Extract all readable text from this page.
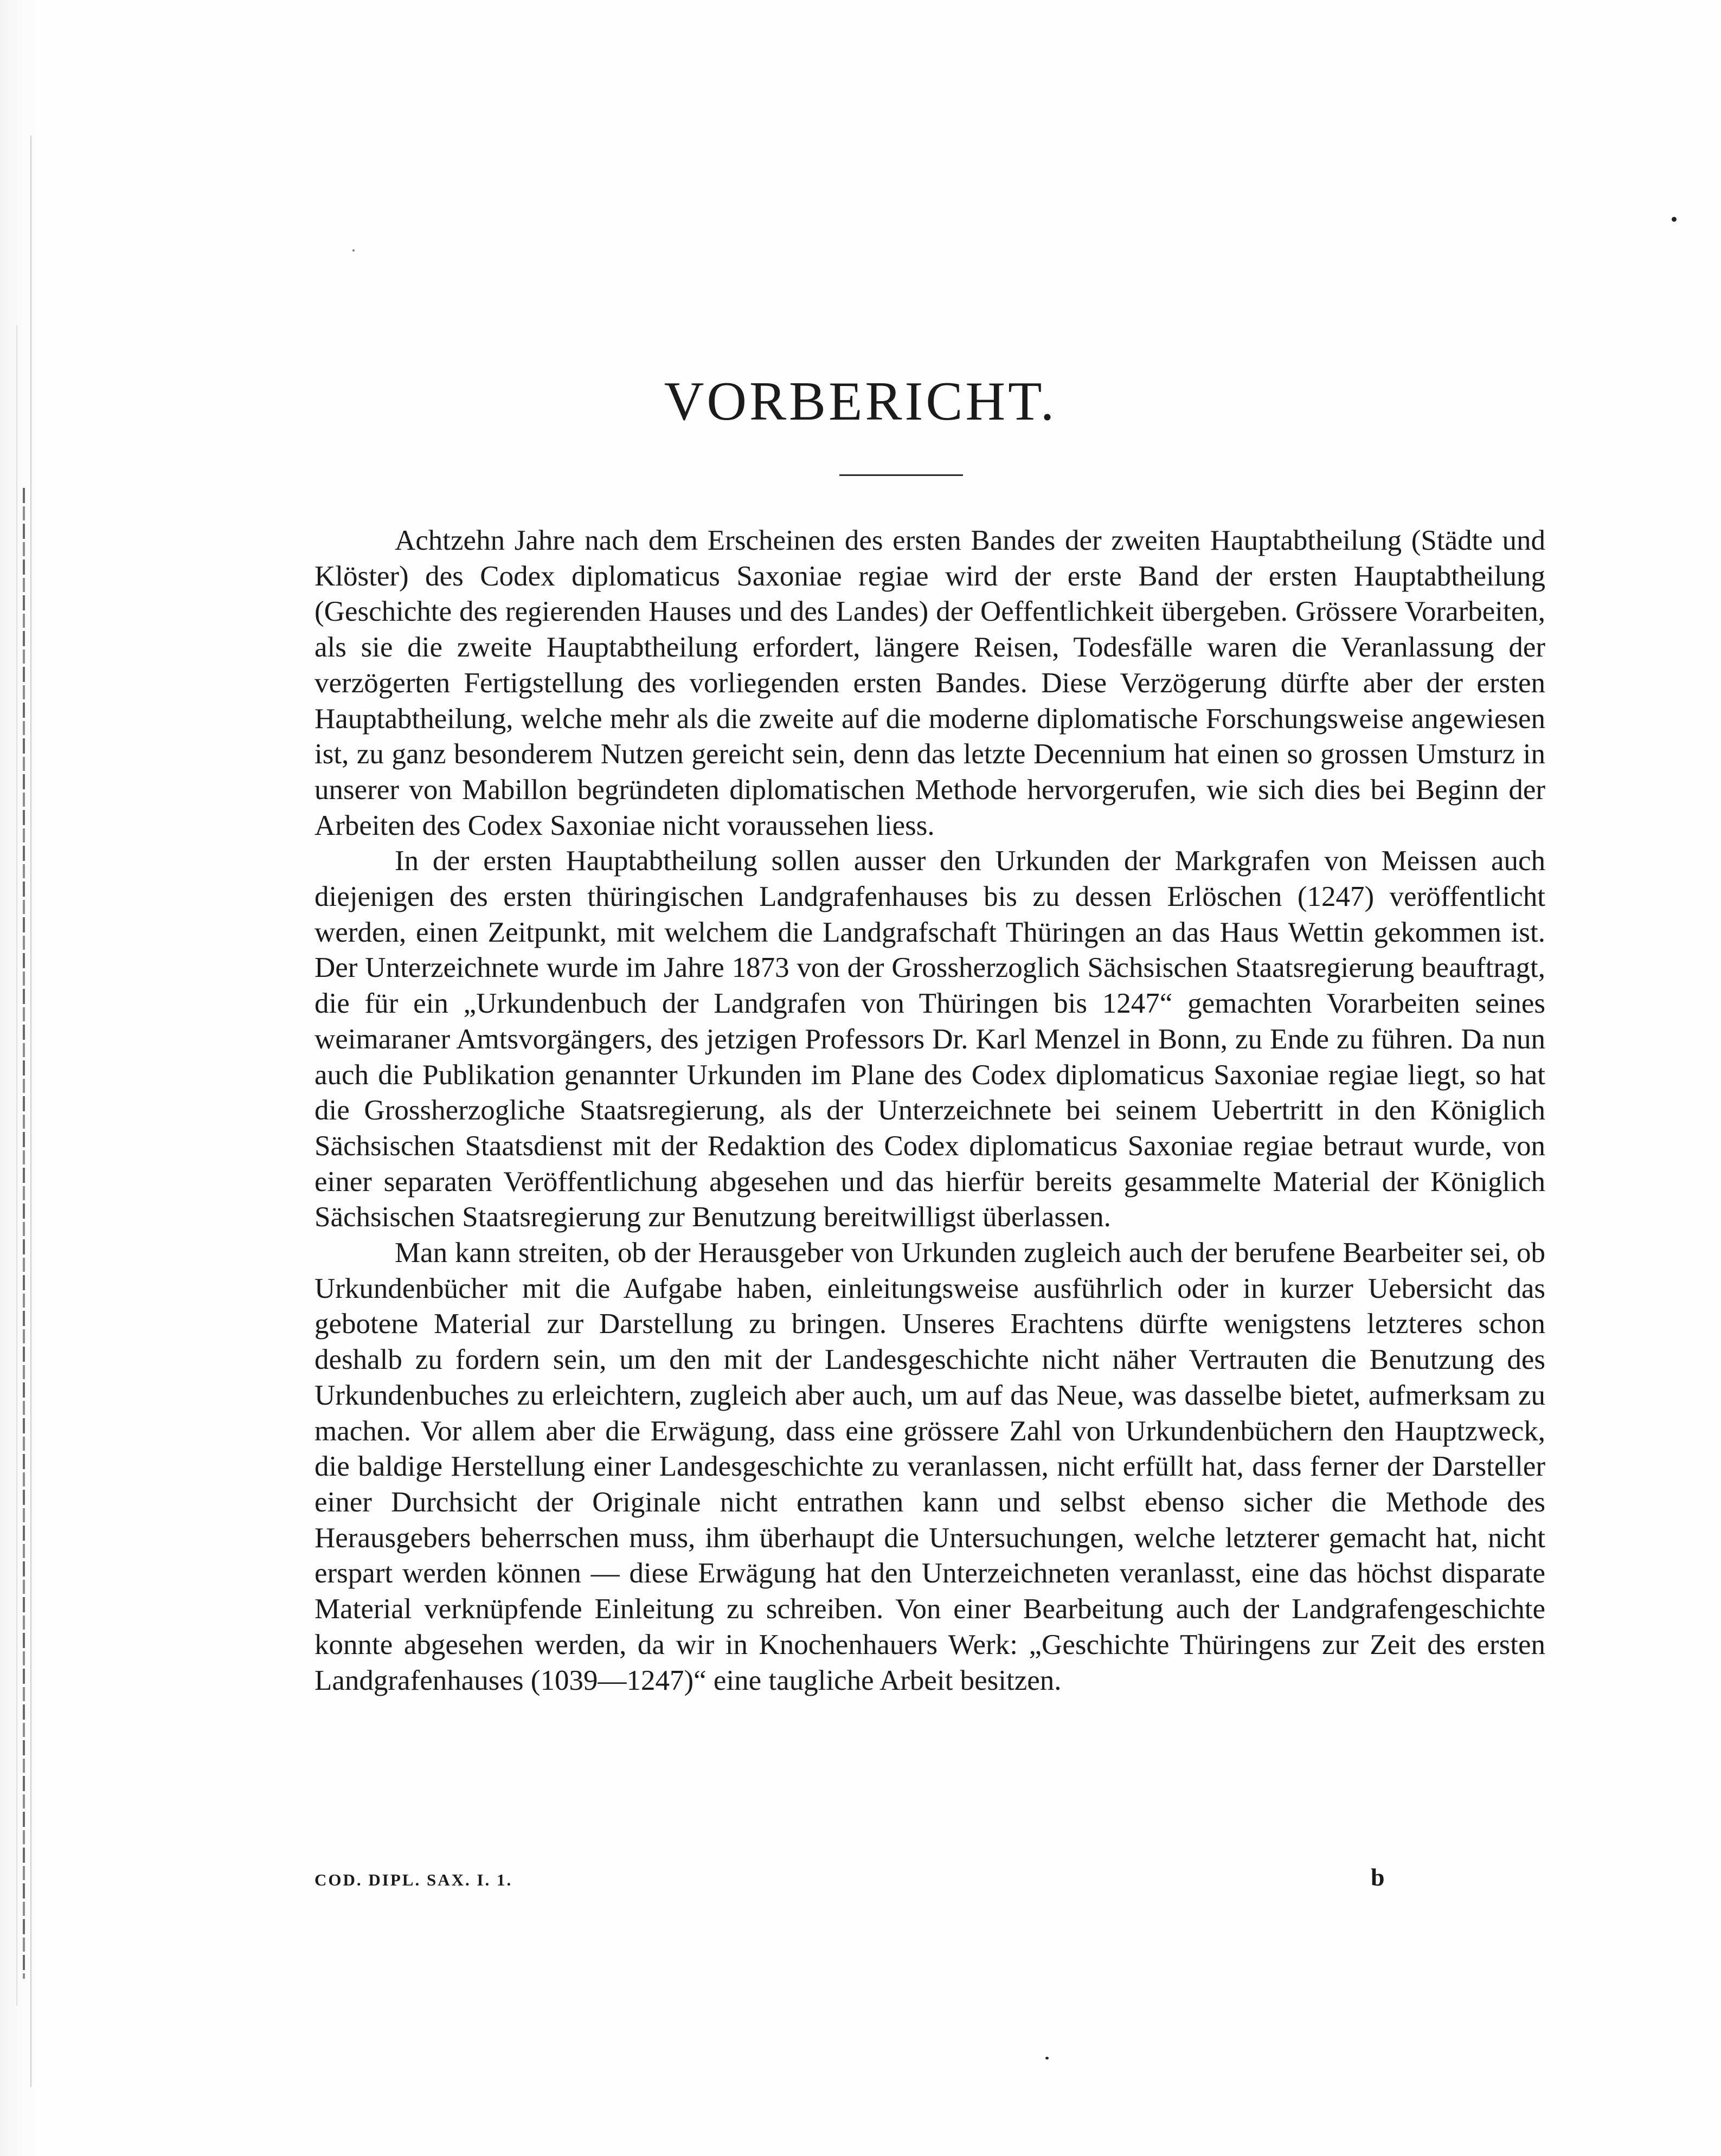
VORBERICHT.

Achtzehn Jahre nach dem Erscheinen des ersten Bandes der zweiten Hauptabtheilung (Städte und Klöster) des Codex diplomaticus Saxoniae regiae wird der erste Band der ersten Hauptabtheilung (Geschichte des regierenden Hauses und des Landes) der Oeffentlichkeit übergeben. Grössere Vorarbeiten, als sie die zweite Hauptabtheilung erfordert, längere Reisen, Todesfälle waren die Veranlassung der verzögerten Fertigstellung des vorliegenden ersten Bandes. Diese Verzögerung dürfte aber der ersten Hauptabtheilung, welche mehr als die zweite auf die moderne diplomatische Forschungsweise angewiesen ist, zu ganz besonderem Nutzen gereicht sein, denn das letzte Decennium hat einen so grossen Umsturz in unserer von Mabillon begründeten diplomatischen Methode hervorgerufen, wie sich dies bei Beginn der Arbeiten des Codex Saxoniae nicht voraussehen liess.

In der ersten Hauptabtheilung sollen ausser den Urkunden der Markgrafen von Meissen auch diejenigen des ersten thüringischen Landgrafenhauses bis zu dessen Erlöschen (1247) veröffentlicht werden, einen Zeitpunkt, mit welchem die Landgrafschaft Thüringen an das Haus Wettin gekommen ist. Der Unterzeichnete wurde im Jahre 1873 von der Grossherzoglich Sächsischen Staatsregierung beauftragt, die für ein „Urkundenbuch der Landgrafen von Thüringen bis 1247“ gemachten Vorarbeiten seines weimaraner Amtsvorgängers, des jetzigen Professors Dr. Karl Menzel in Bonn, zu Ende zu führen. Da nun auch die Publikation genannter Urkunden im Plane des Codex diplomaticus Saxoniae regiae liegt, so hat die Grossherzogliche Staatsregierung, als der Unterzeichnete bei seinem Uebertritt in den Königlich Sächsischen Staatsdienst mit der Redaktion des Codex diplomaticus Saxoniae regiae betraut wurde, von einer separaten Veröffentlichung abgesehen und das hierfür bereits gesammelte Material der Königlich Sächsischen Staatsregierung zur Benutzung bereitwilligst überlassen.

Man kann streiten, ob der Herausgeber von Urkunden zugleich auch der berufene Bearbeiter sei, ob Urkundenbücher mit die Aufgabe haben, einleitungsweise ausführlich oder in kurzer Uebersicht das gebotene Material zur Darstellung zu bringen. Unseres Erachtens dürfte wenigstens letzteres schon deshalb zu fordern sein, um den mit der Landesgeschichte nicht näher Vertrauten die Benutzung des Urkundenbuches zu erleichtern, zugleich aber auch, um auf das Neue, was dasselbe bietet, aufmerksam zu machen. Vor allem aber die Erwägung, dass eine grössere Zahl von Urkundenbüchern den Hauptzweck, die baldige Herstellung einer Landesgeschichte zu veranlassen, nicht erfüllt hat, dass ferner der Darsteller einer Durchsicht der Originale nicht entrathen kann und selbst ebenso sicher die Methode des Herausgebers beherrschen muss, ihm überhaupt die Untersuchungen, welche letzterer gemacht hat, nicht erspart werden können — diese Erwägung hat den Unterzeichneten veranlasst, eine das höchst disparate Material verknüpfende Einleitung zu schreiben. Von einer Bearbeitung auch der Landgrafengeschichte konnte abgesehen werden, da wir in Knochenhauers Werk: „Geschichte Thüringens zur Zeit des ersten Landgrafenhauses (1039—1247)“ eine taugliche Arbeit besitzen.

COD. DIPL. SAX. I. 1.	b
